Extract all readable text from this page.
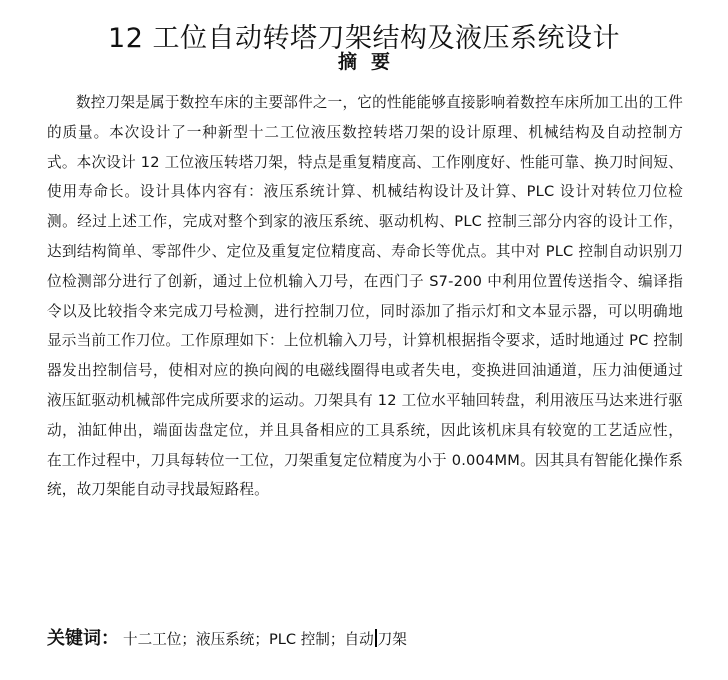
12 工位自动转塔刀架结构及液压系统设计
摘要

数控刀架是属于数控车床的主要部件之一，它的性能能够直接影响着数控车床所加工出的工件的质量。本次设计了一种新型十二工位液压数控转塔刀架的设计原理、机械结构及自动控制方式。本次设计 12 工位液压转塔刀架，特点是重复精度高、工作刚度好、性能可靠、换刀时间短、使用寿命长。设计具体内容有：液压系统计算、机械结构设计及计算、PLC 设计对转位刀位检测。经过上述工作，完成对整个到家的液压系统、驱动机构、PLC 控制三部分内容的设计工作，达到结构简单、零部件少、定位及重复定位精度高、寿命长等优点。其中对 PLC 控制自动识别刀位检测部分进行了创新，通过上位机输入刀号，在西门子 S7-200 中利用位置传送指令、编译指令以及比较指令来完成刀号检测，进行控制刀位，同时添加了指示灯和文本显示器，可以明确地显示当前工作刀位。工作原理如下：上位机输入刀号，计算机根据指令要求，适时地通过 PC 控制器发出控制信号，使相对应的换向阀的电磁线圈得电或者失电，变换进回油通道，压力油便通过液压缸驱动机械部件完成所要求的运动。刀架具有 12 工位水平轴回转盘，利用液压马达来进行驱动，油缸伸出，端面齿盘定位，并且具备相应的工具系统，因此该机床具有较宽的工艺适应性，在工作过程中，刀具每转位一工位，刀架重复定位精度为小于 0.004MM。因其具有智能化操作系统，故刀架能自动寻找最短路程。

关键词： 十二工位；液压系统；PLC 控制；自动 刀架
